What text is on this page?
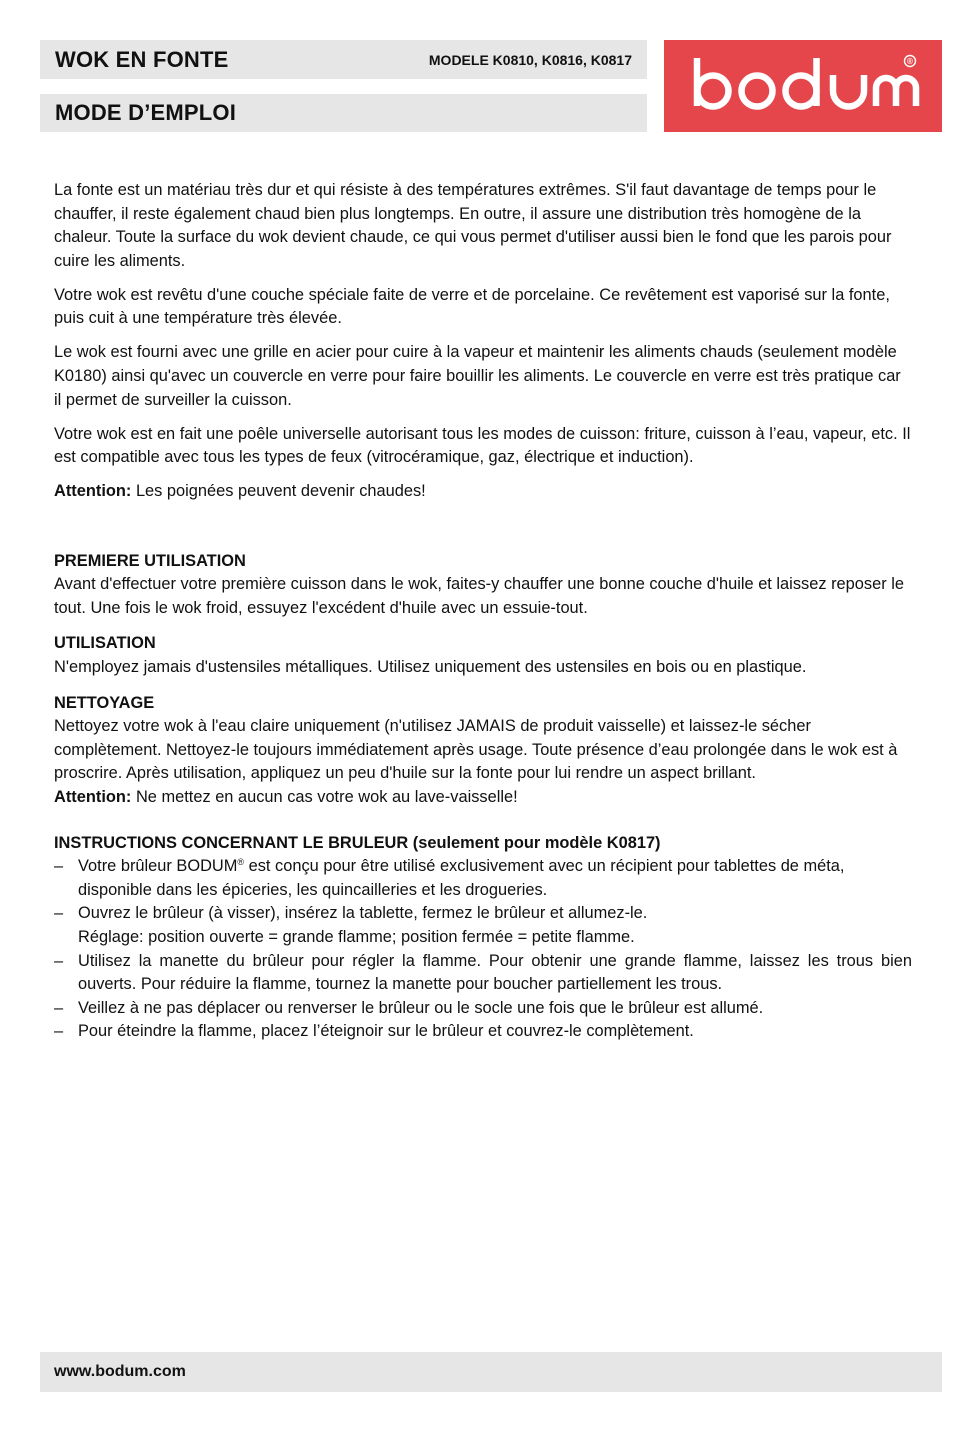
WOK EN FONTE	MODELE K0810, K0816, K0817
MODE D’EMPLOI
®

La fonte est un matériau très dur et qui résiste à des températures extrêmes. S'il faut davantage de temps pour le chauffer, il reste également chaud bien plus longtemps. En outre, il assure une distribution très homogène de la chaleur. Toute la surface du wok devient chaude, ce qui vous permet d'utiliser aussi bien le fond que les parois pour cuire les aliments.

Votre wok est revêtu d'une couche spéciale faite de verre et de porcelaine. Ce revêtement est vaporisé sur la fonte, puis cuit à une température très élevée.

Le wok est fourni avec une grille en acier pour cuire à la vapeur et maintenir les aliments chauds (seulement modèle K0180) ainsi qu'avec un couvercle en verre pour faire bouillir les aliments. Le couvercle en verre est très pratique car il permet de surveiller la cuisson.

Votre wok est en fait une poêle universelle autorisant tous les modes de cuisson: friture, cuisson à l’eau, vapeur, etc. Il est compatible avec tous les types de feux (vitrocéramique, gaz, électrique et induction).

Attention: Les poignées peuvent devenir chaudes!

PREMIERE UTILISATION

Avant d'effectuer votre première cuisson dans le wok, faites-y chauffer une bonne couche d'huile et laissez reposer le tout. Une fois le wok froid, essuyez l'excédent d'huile avec un essuie-tout.

UTILISATION

N'employez jamais d'ustensiles métalliques. Utilisez uniquement des ustensiles en bois ou en plastique.

NETTOYAGE

Nettoyez votre wok à l'eau claire uniquement (n'utilisez JAMAIS de produit vaisselle) et laissez-le sécher complètement. Nettoyez-le toujours immédiatement après usage. Toute présence d’eau prolongée dans le wok est à proscrire. Après utilisation, appliquez un peu d'huile sur la fonte pour lui rendre un aspect brillant.

Attention: Ne mettez en aucun cas votre wok au lave-vaisselle!

INSTRUCTIONS CONCERNANT LE BRULEUR (seulement pour modèle K0817)

– Votre brûleur BODUM® est conçu pour être utilisé exclusivement avec un récipient pour tablettes de méta, disponible dans les épiceries, les quincailleries et les drogueries.
– Ouvrez le brûleur (à visser), insérez la tablette, fermez le brûleur et allumez-le.
Réglage: position ouverte = grande flamme; position fermée = petite flamme.
– Utilisez la manette du brûleur pour régler la flamme. Pour obtenir une grande flamme, laissez les trous bien ouverts. Pour réduire la flamme, tournez la manette pour boucher partiellement les trous.
– Veillez à ne pas déplacer ou renverser le brûleur ou le socle une fois que le brûleur est allumé.
– Pour éteindre la flamme, placez l’éteignoir sur le brûleur et couvrez-le complètement.
www.bodum.com
